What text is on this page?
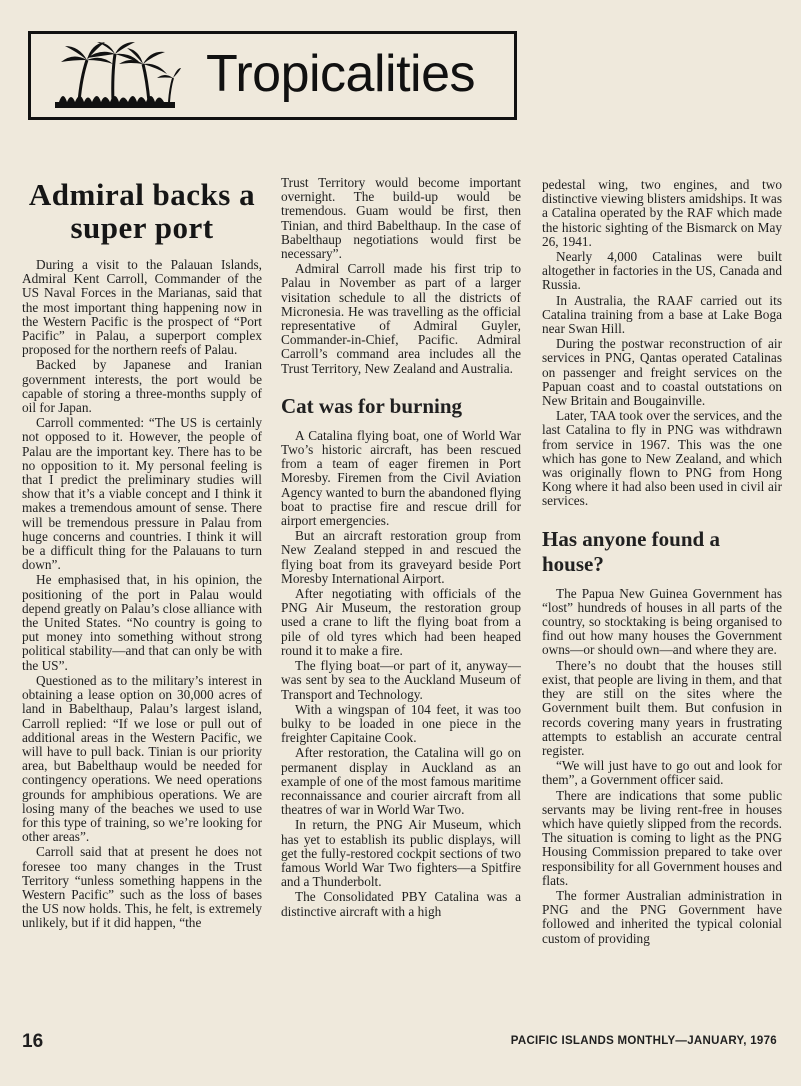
Tropicalities
Admiral backs a super port

During a visit to the Palauan Islands, Admiral Kent Carroll, Commander of the US Naval Forces in the Marianas, said that the most important thing happening now in the Western Pacific is the prospect of “Port Pacific” in Palau, a superport complex proposed for the northern reefs of Palau.

Backed by Japanese and Iranian government interests, the port would be capable of storing a three-months supply of oil for Japan.

Carroll commented: “The US is certainly not opposed to it. However, the people of Palau are the important key. There has to be no opposition to it. My personal feeling is that I predict the preliminary studies will show that it’s a viable concept and I think it makes a tremendous amount of sense. There will be tremendous pressure in Palau from huge concerns and countries. I think it will be a difficult thing for the Palauans to turn down”.

He emphasised that, in his opinion, the positioning of the port in Palau would depend greatly on Palau’s close alliance with the United States. “No country is going to put money into something without strong political stability—and that can only be with the US”.

Questioned as to the military’s interest in obtaining a lease option on 30,000 acres of land in Babelthaup, Palau’s largest island, Carroll replied: “If we lose or pull out of additional areas in the Western Pacific, we will have to pull back. Tinian is our priority area, but Babelthaup would be needed for contingency operations. We need operations grounds for amphibious operations. We are losing many of the beaches we used to use for this type of training, so we’re looking for other areas”.

Carroll said that at present he does not foresee too many changes in the Trust Territory “unless something happens in the Western Pacific” such as the loss of bases the US now holds. This, he felt, is extremely unlikely, but if it did happen, “the

Trust Territory would become important overnight. The build-up would be tremendous. Guam would be first, then Tinian, and third Babelthaup. In the case of Babelthaup negotiations would first be necessary”.

Admiral Carroll made his first trip to Palau in November as part of a larger visitation schedule to all the districts of Micronesia. He was travelling as the official representative of Admiral Guyler, Commander-in-Chief, Pacific. Admiral Carroll’s command area includes all the Trust Territory, New Zealand and Australia.

Cat was for burning

A Catalina flying boat, one of World War Two’s historic aircraft, has been rescued from a team of eager firemen in Port Moresby. Firemen from the Civil Aviation Agency wanted to burn the abandoned flying boat to practise fire and rescue drill for airport emergencies.

But an aircraft restoration group from New Zealand stepped in and rescued the flying boat from its graveyard beside Port Moresby International Airport.

After negotiating with officials of the PNG Air Museum, the restoration group used a crane to lift the flying boat from a pile of old tyres which had been heaped round it to make a fire.

The flying boat—or part of it, anyway—was sent by sea to the Auckland Museum of Transport and Technology.

With a wingspan of 104 feet, it was too bulky to be loaded in one piece in the freighter Capitaine Cook.

After restoration, the Catalina will go on permanent display in Auckland as an example of one of the most famous maritime reconnaissance and courier aircraft from all theatres of war in World War Two.

In return, the PNG Air Museum, which has yet to establish its public displays, will get the fully-restored cockpit sections of two famous World War Two fighters—a Spitfire and a Thunderbolt.

The Consolidated PBY Catalina was a distinctive aircraft with a high

pedestal wing, two engines, and two distinctive viewing blisters amidships. It was a Catalina operated by the RAF which made the historic sighting of the Bismarck on May 26, 1941.

Nearly 4,000 Catalinas were built altogether in factories in the US, Canada and Russia.

In Australia, the RAAF carried out its Catalina training from a base at Lake Boga near Swan Hill.

During the postwar reconstruction of air services in PNG, Qantas operated Catalinas on passenger and freight services on the Papuan coast and to coastal outstations on New Britain and Bougainville.

Later, TAA took over the services, and the last Catalina to fly in PNG was withdrawn from service in 1967. This was the one which has gone to New Zealand, and which was originally flown to PNG from Hong Kong where it had also been used in civil air services.

Has anyone found a house?

The Papua New Guinea Government has “lost” hundreds of houses in all parts of the country, so stocktaking is being organised to find out how many houses the Government owns—or should own—and where they are.

There’s no doubt that the houses still exist, that people are living in them, and that they are still on the sites where the Government built them. But confusion in records covering many years in frustrating attempts to establish an accurate central register.

“We will just have to go out and look for them”, a Government officer said.

There are indications that some public servants may be living rent-free in houses which have quietly slipped from the records. The situation is coming to light as the PNG Housing Commission prepared to take over responsibility for all Government houses and flats.

The former Australian administration in PNG and the PNG Government have followed and inherited the typical colonial custom of providing

16	PACIFIC ISLANDS MONTHLY—JANUARY, 1976
